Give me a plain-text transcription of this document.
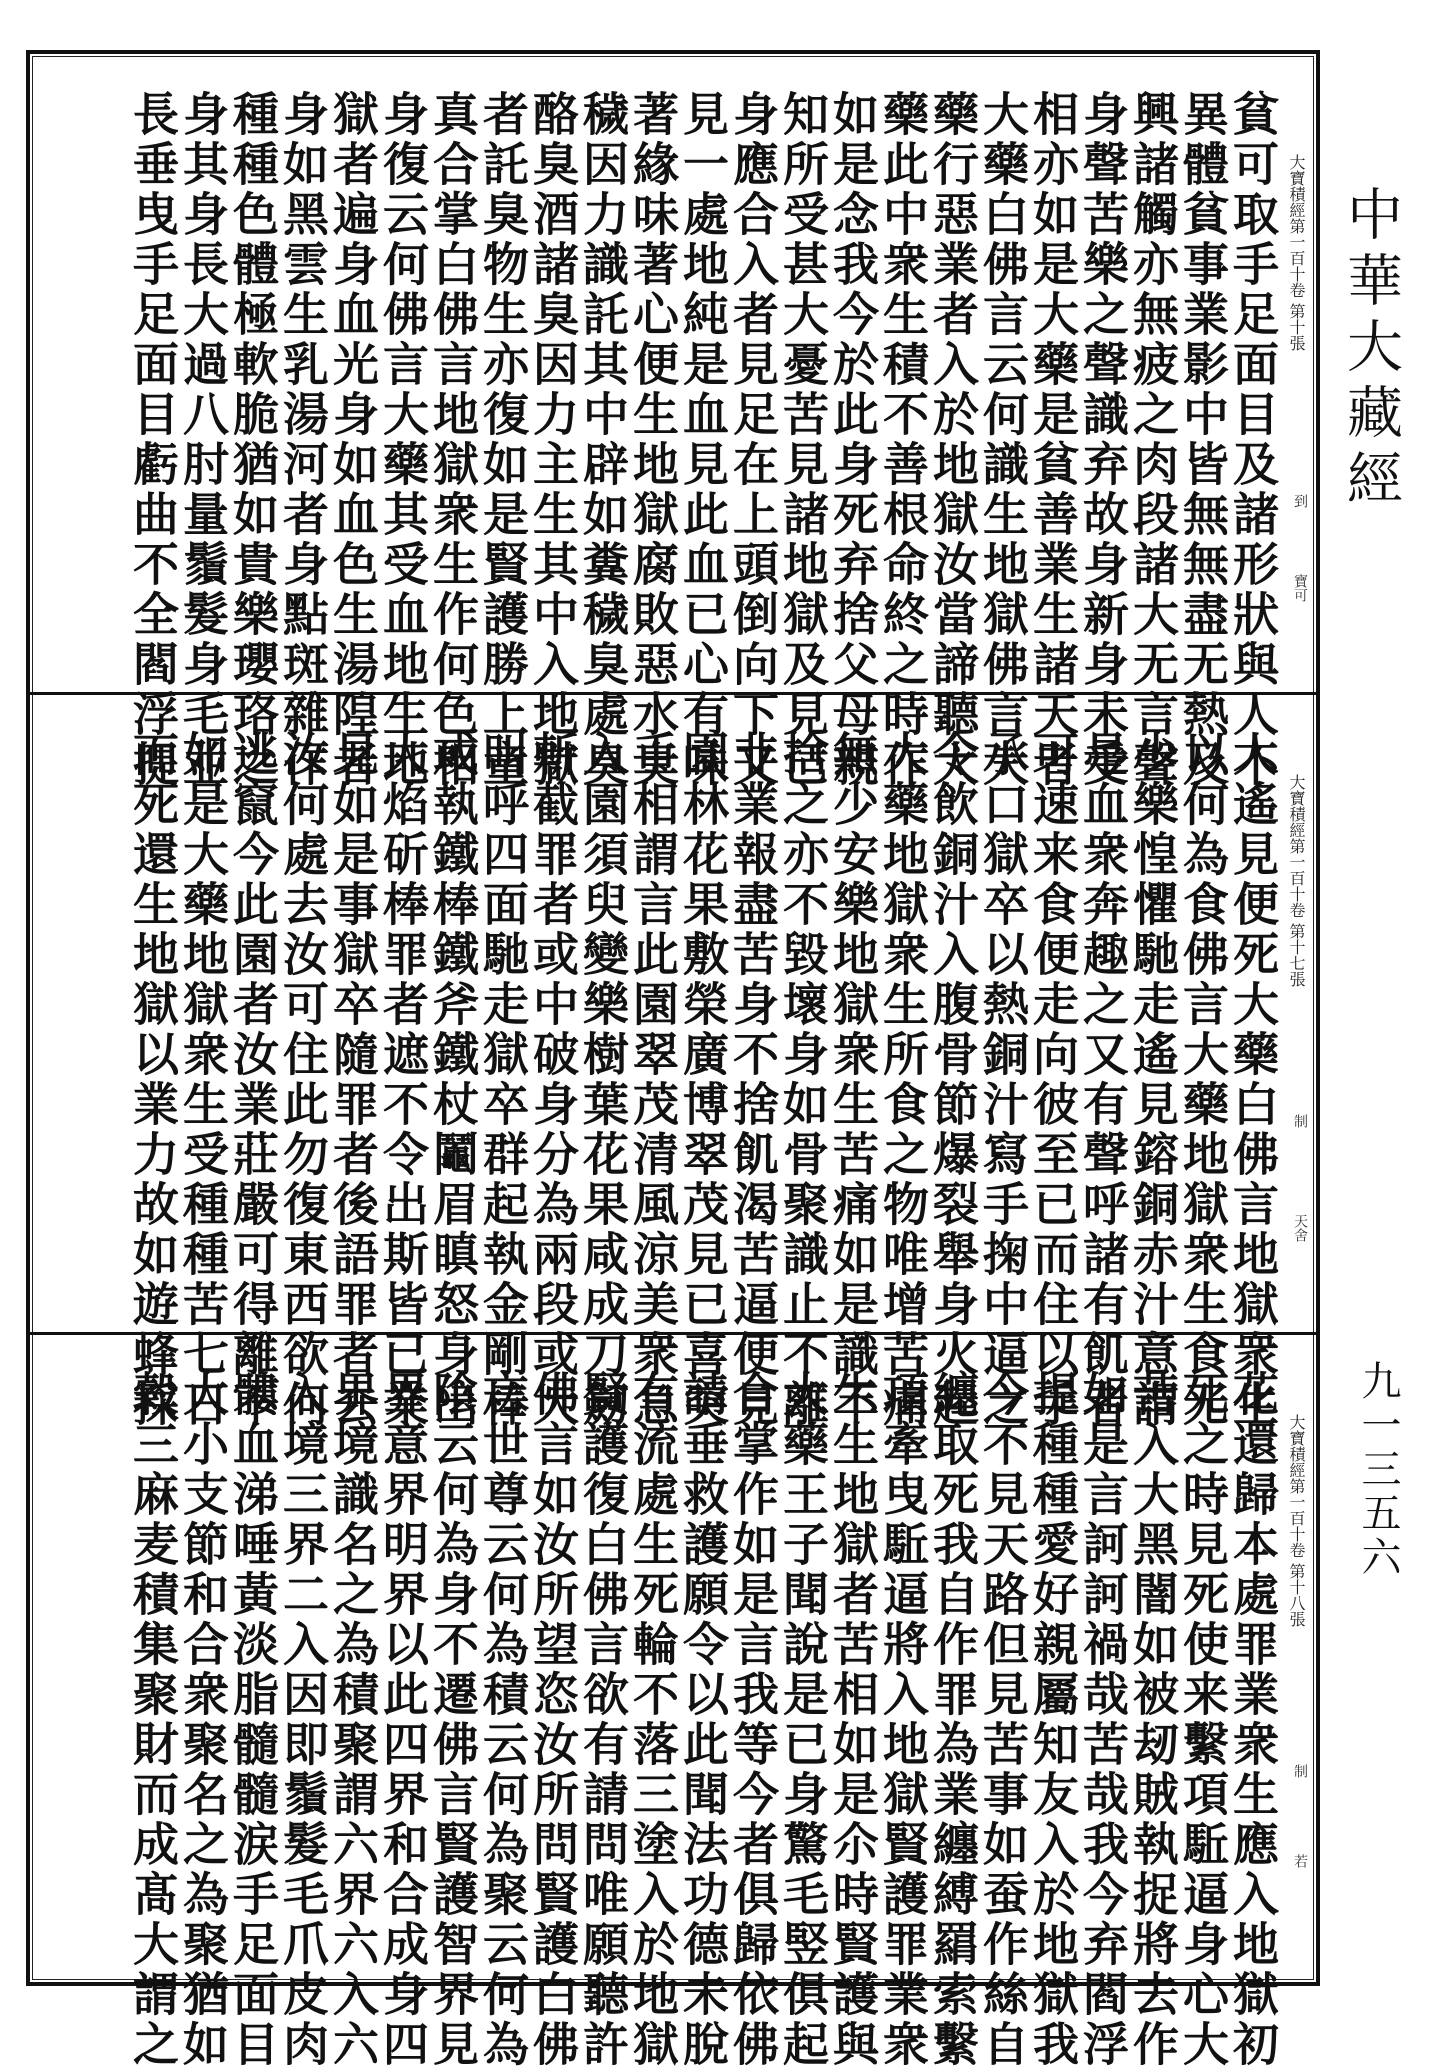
大寶積經第一百十卷 第十張
到
寶可
貧可取手足面目及諸形狀與人不
異體貧事業影中皆無無盡无熱及
興諸觸亦無疲之肉段諸大无言聲
身聲苦樂之聲識弃故身新身未受
相亦如是大藥是貧善業生諸天者
大藥白佛言云何識生地獄佛言大
藥行惡業者入於地獄汝當諦聽大
藥此中衆生積不善根命終之時作
如是念我今於此身死弃捨父母親
知所受甚大憂苦見諸地獄及見已
身應合入者見足在上頭倒向下又
見一處地純是血見此血已心有味
著緣味著心便生地獄腐敗惡水臭
穢因力識託其中辟如糞穢臭處臭
酪臭酒諸臭因力主生其中入地獄
者託臭物生亦復如是賢護勝上童
真合掌白佛言地獄衆生作何色相
身復云何佛言大藥其受血地生地
獄者遍身血光身如血色生湯隍者
身如黑雲生乳湯河者身點斑雜作
種種色體極軟脆猶如貴樂瓔珞之
身其身長大過八肘量鬚髮身毛並
長垂曳手足面目虧曲不全閻浮提
大寶積經第一百十卷 第十七張
制
天舍
人遙見便死大藥白佛言地獄衆生
以何為食佛言大藥地獄衆生食无
少樂惶懼馳走遙見鎔銅赤汁意謂
是血衆奔趣之又有聲呼諸有飢者
可速来食便走向彼至已而住以手
承口獄卒以熱銅汁寫手掬中逼之
令飲銅汁入腹骨節爆裂舉身火起
大藥地獄衆生所食之物唯增苦痛
無少安樂地獄衆生苦痛如是識不
捨之亦不毀壞身如骨聚識止不離
非業報盡苦身不捨飢渴苦逼便見
園林花果敷榮廣博翠茂見已喜突
手相謂言此園翠茂清風涼美衆急
入園須臾變樂樹葉花果咸成刀劒
斬截罪者或中破身分為兩段或大
叫呼四面馳走獄卒群起執金剛棒
或執鐵棒鐵斧鐵杖鬮眉瞋怒身出
大焰斫棒罪者遮不令出斯皆已業
見如是事獄卒隨罪者後語罪者去
汝何處去汝可住此勿復東西欲何
逃竄今此園者汝業莊嚴可得離不
如是大藥地獄衆生受種種苦七日
而死還生地獄以業力故如遊蜂採
大寶積經第一百十卷 第十八張
制
若
花還歸本處罪業衆生應入地獄初
死之時見死使来繫項駈逼身心大
苦入大黑闇如被刼賊執捉將去作
如是言訶訶禍哉苦哉我今弃閻浮
提種種愛好親屬知友入於地獄我
今不見天路但見苦事如蚕作絲自
纏取死我自作罪為業纏縛羂索繫
項牽曳駈逼將入地獄賢護罪業衆
生生地獄者苦相如是尒時賢護與
大藥王子聞說是已身驚毛竪俱起
合掌作如是言我等今者俱歸依佛
請垂救護願令以此聞法功德未脫
有流處生死輪不落三塗入於地獄
賢護復白佛言欲有請問唯願聽許
佛言如汝所望恣汝所問賢護白佛
言世尊云何為積云何為聚云何為
陰云何為身不遷佛言賢護智界見
界意界明界以此四界和合成身四
界境識名之為積聚謂六界六入六
入境三界二入因即鬚髮毛爪皮肉
髏血涕唾黃淡脂髓髓涙手足面目
大小支節和合衆聚名之為聚猶如
穀三麻麦積集聚財而成髙大謂之
中華大藏經
九一三五六
